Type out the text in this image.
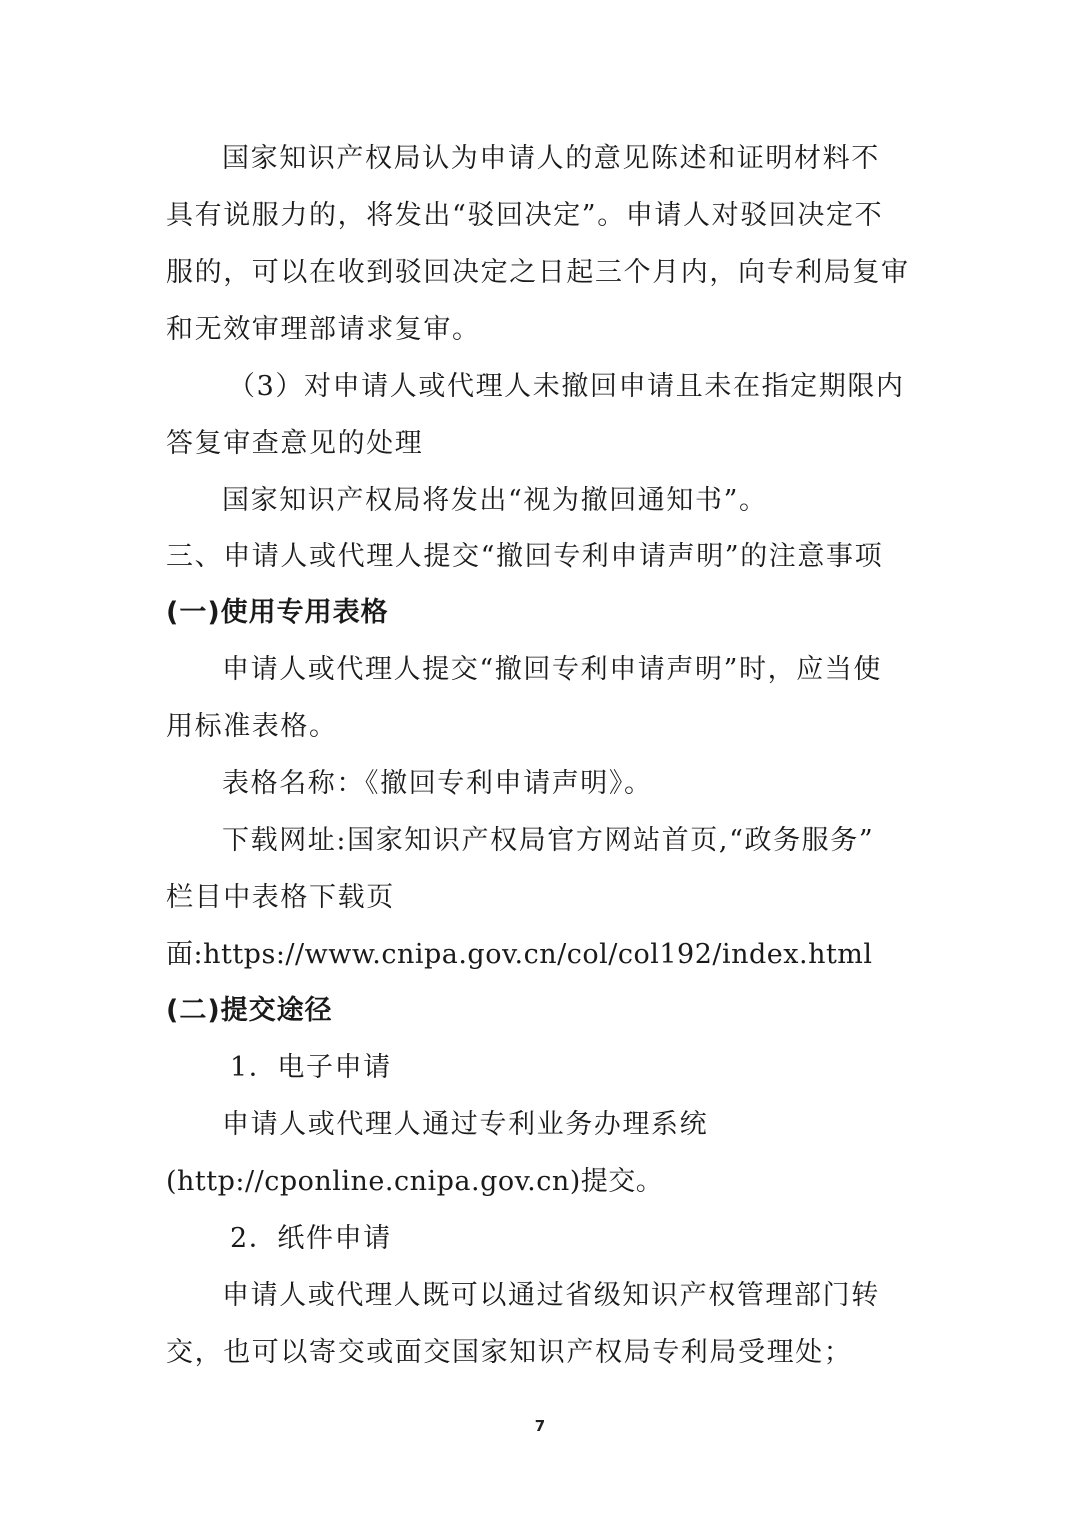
国家知识产权局认为申请人的意见陈述和证明材料不
具有说服力的，将发出“驳回决定”。申请人对驳回决定不
服的，可以在收到驳回决定之日起三个月内，向专利局复审
和无效审理部请求复审。
（3）对申请人或代理人未撤回申请且未在指定期限内
答复审查意见的处理
国家知识产权局将发出“视为撤回通知书”。
三、申请人或代理人提交“撤回专利申请声明”的注意事项
(一)使用专用表格
申请人或代理人提交“撤回专利申请声明”时，应当使
用标准表格。
表格名称：《撤回专利申请声明》。
下载网址:国家知识产权局官方网站首页,“政务服务”
栏目中表格下载页
面:https://www.cnipa.gov.cn/col/col192/index.html
(二)提交途径
1．电子申请
申请人或代理人通过专利业务办理系统
(http://cponline.cnipa.gov.cn)提交。
2．纸件申请
申请人或代理人既可以通过省级知识产权管理部门转
交，也可以寄交或面交国家知识产权局专利局受理处；
7
